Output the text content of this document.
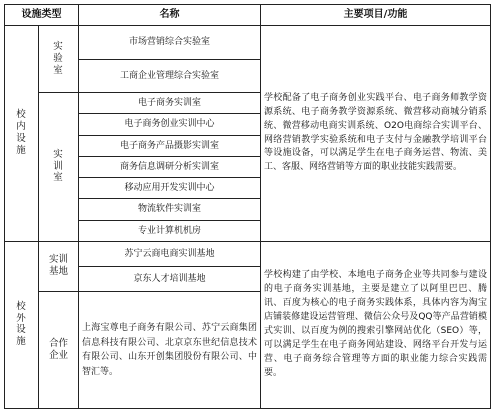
设施类型		名称	主要项目/功能
校内设施	实验室	市场营销综合实验室	学校配备了电子商务创业实践平台、电子商务师教学资源系统、电子商务教学资源系统、微营移动商城分销系统、微营移动电商实训系统、O2O电商综合实训平台、网络营销教学实验系统和电子支付与金融教学培训平台等设施设备，可以满足学生在电子商务运营、物流、美工、客服、网络营销等方面的职业技能实践需要。
		工商企业管理综合实验室	
	实训室	电子商务实训室	
		电子商务创业实训中心	
		电子商务产品摄影实训室	
		商务信息调研分析实训室	
		移动应用开发实训中心	
		物流软件实训室	
		专业计算机机房	
校外设施	实训基地	苏宁云商电商实训基地	学校构建了由学校、本地电子商务企业等共同参与建设的电子商务实训基地，主要是建立了以阿里巴巴、腾讯、百度为核心的电子商务实践体系，具体内容为淘宝店铺装修建设运营管理、微信公众号及QQ等产品营销模式实训、以百度为例的搜索引擎网站优化（SEO）等，可以满足学生在电子商务网站建设、网络平台开发与运营、电子商务综合管理等方面的职业能力综合实践需要。
		京东人才培训基地	
	合作企业	上海宝尊电子商务有限公司、苏宁云商集团信息科技有限公司、北京京东世纪信息技术有限公司、山东开创集团股份有限公司、中智汇等。	
